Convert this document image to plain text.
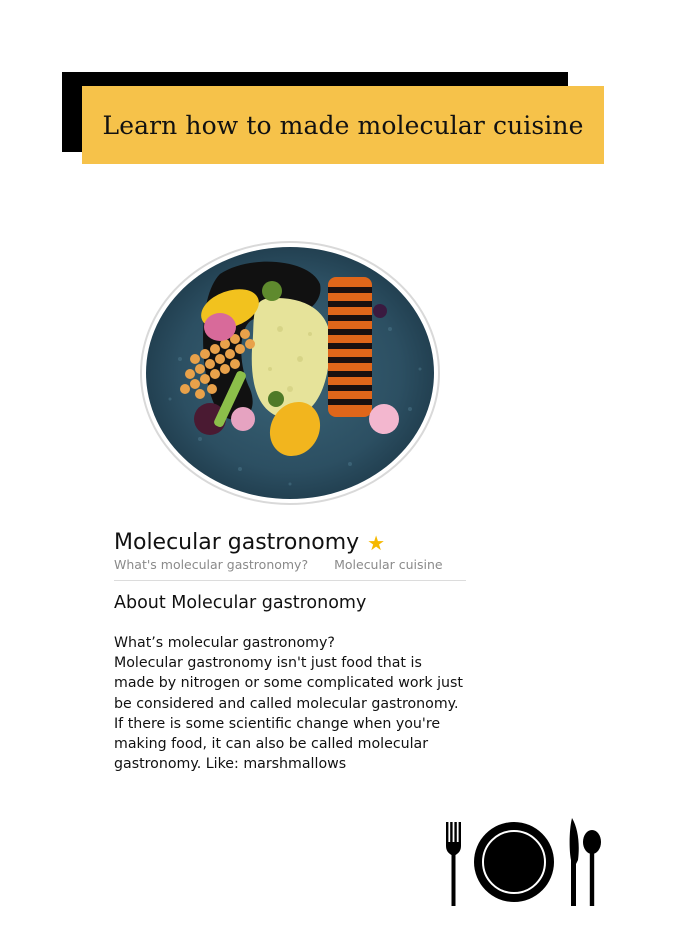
Learn how to made molecular cuisine
Molecular gastronomy ★
What's molecular gastronomy? Molecular cuisine
About Molecular gastronomy

What’s molecular gastronomy?

Molecular gastronomy isn't just food that is made by nitrogen or some complicated work just be considered and called molecular gastronomy. If there is some scientific change when you're making food, it can also be called molecular gastronomy. Like: marshmallows
